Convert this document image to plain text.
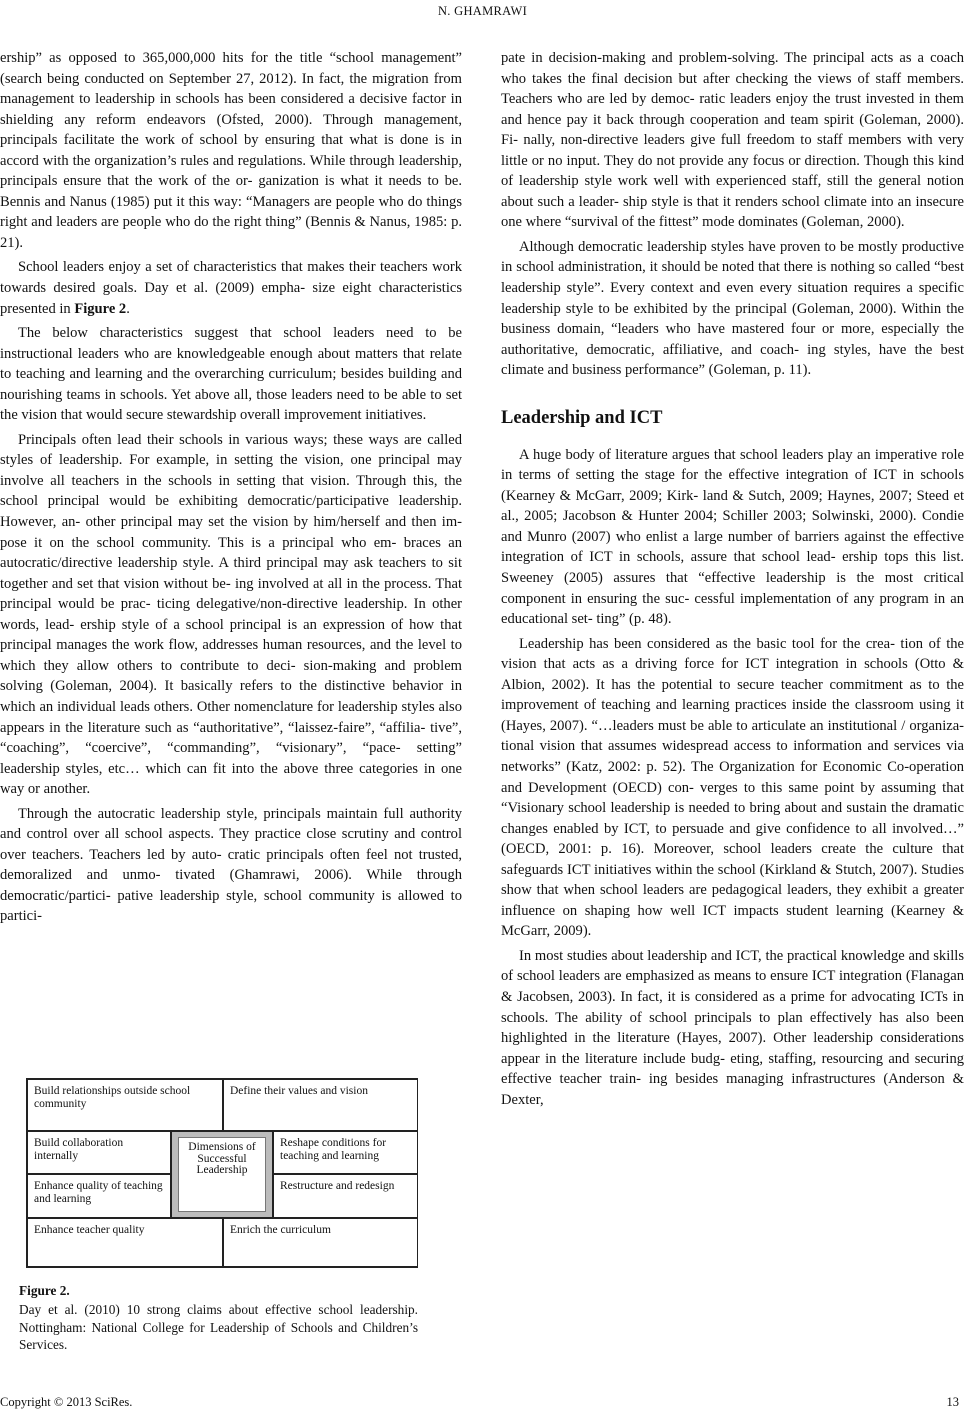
N. GHAMRAWI

ership” as opposed to 365,000,000 hits for the title “school management” (search being conducted on September 27, 2012). In fact, the migration from management to leadership in schools has been considered a decisive factor in shielding any reform endeavors (Ofsted, 2000). Through management, principals facilitate the work of school by ensuring that what is done is in accord with the organization’s rules and regulations. While through leadership, principals ensure that the work of the or- ganization is what it needs to be. Bennis and Nanus (1985) put it this way: “Managers are people who do things right and leaders are people who do the right thing” (Bennis & Nanus, 1985: p. 21).

School leaders enjoy a set of characteristics that makes their teachers work towards desired goals. Day et al. (2009) empha- size eight characteristics presented in Figure 2.

The below characteristics suggest that school leaders need to be instructional leaders who are knowledgeable enough about matters that relate to teaching and learning and the overarching curriculum; besides building and nourishing teams in schools. Yet above all, those leaders need to be able to set the vision that would secure stewardship overall improvement initiatives.

Principals often lead their schools in various ways; these ways are called styles of leadership. For example, in setting the vision, one principal may involve all teachers in the schools in setting that vision. Through this, the school principal would be exhibiting democratic/participative leadership. However, an- other principal may set the vision by him/herself and then im- pose it on the school community. This is a principal who em- braces an autocratic/directive leadership style. A third principal may ask teachers to sit together and set that vision without be- ing involved at all in the process. That principal would be prac- ticing delegative/non-directive leadership. In other words, lead- ership style of a school principal is an expression of how that principal manages the work flow, addresses human resources, and the level to which they allow others to contribute to deci- sion-making and problem solving (Goleman, 2004). It basically refers to the distinctive behavior in which an individual leads others. Other nomenclature for leadership styles also appears in the literature such as “authoritative”, “laissez-faire”, “affilia- tive”, “coaching”, “coercive”, “commanding”, “visionary”, “pace- setting” leadership styles, etc… which can fit into the above three categories in one way or another.

Through the autocratic leadership style, principals maintain full authority and control over all school aspects. They practice close scrutiny and control over teachers. Teachers led by auto- cratic principals often feel not trusted, demoralized and unmo- tivated (Ghamrawi, 2006). While through democratic/partici- pative leadership style, school community is allowed to partici-

Build relationships outside school community
Define their values and vision
Build collaboration internally
Reshape conditions for teaching and learning
Enhance quality of teaching and learning
Restructure and redesign
Enhance teacher quality	Enrich the curriculum
Dimensions of Successful Leadership
Figure 2.
Day et al. (2010) 10 strong claims about effective school leadership. Nottingham: National College for Leadership of Schools and Children’s Services.

pate in decision-making and problem-solving. The principal acts as a coach who takes the final decision but after checking the views of staff members. Teachers who are led by democ- ratic leaders enjoy the trust invested in them and hence pay it back through cooperation and team spirit (Goleman, 2000). Fi- nally, non-directive leaders give full freedom to staff members with very little or no input. They do not provide any focus or direction. Though this kind of leadership style work well with experienced staff, still the general notion about such a leader- ship style is that it renders school climate into an insecure one where “survival of the fittest” mode dominates (Goleman, 2000).

Although democratic leadership styles have proven to be mostly productive in school administration, it should be noted that there is nothing so called “best leadership style”. Every context and even every situation requires a specific leadership style to be exhibited by the principal (Goleman, 2000). Within the business domain, “leaders who have mastered four or more, especially the authoritative, democratic, affiliative, and coach- ing styles, have the best climate and business performance” (Goleman, p. 11).

Leadership and ICT

A huge body of literature argues that school leaders play an imperative role in terms of setting the stage for the effective integration of ICT in schools (Kearney & McGarr, 2009; Kirk- land & Sutch, 2009; Haynes, 2007; Steed et al., 2005; Jacobson & Hunter 2004; Schiller 2003; Solwinski, 2000). Condie and Munro (2007) who enlist a large number of barriers against the effective integration of ICT in schools, assure that school lead- ership tops this list. Sweeney (2005) assures that “effective leadership is the most critical component in ensuring the suc- cessful implementation of any program in an educational set- ting” (p. 48).

Leadership has been considered as the basic tool for the crea- tion of the vision that acts as a driving force for ICT integration in schools (Otto & Albion, 2002). It has the potential to secure teacher commitment as to the improvement of teaching and learning practices inside the classroom using it (Hayes, 2007). “…leaders must be able to articulate an institutional / organiza- tional vision that assumes widespread access to information and services via networks” (Katz, 2002: p. 52). The Organization for Economic Co-operation and Development (OECD) con- verges to this same point by assuming that “Visionary school leadership is needed to bring about and sustain the dramatic changes enabled by ICT, to persuade and give confidence to all involved…” (OECD, 2001: p. 16). Moreover, school leaders create the culture that safeguards ICT initiatives within the school (Kirkland & Stutch, 2007). Studies show that when school leaders are pedagogical leaders, they exhibit a greater influence on shaping how well ICT impacts student learning (Kearney & McGarr, 2009).

In most studies about leadership and ICT, the practical knowledge and skills of school leaders are emphasized as means to ensure ICT integration (Flanagan & Jacobsen, 2003). In fact, it is considered as a prime for advocating ICTs in schools. The ability of school principals to plan effectively has also been highlighted in the literature (Hayes, 2007). Other leadership considerations appear in the literature include budg- eting, staffing, resourcing and securing effective teacher train- ing besides managing infrastructures (Anderson & Dexter,

Copyright © 2013 SciRes.	13
